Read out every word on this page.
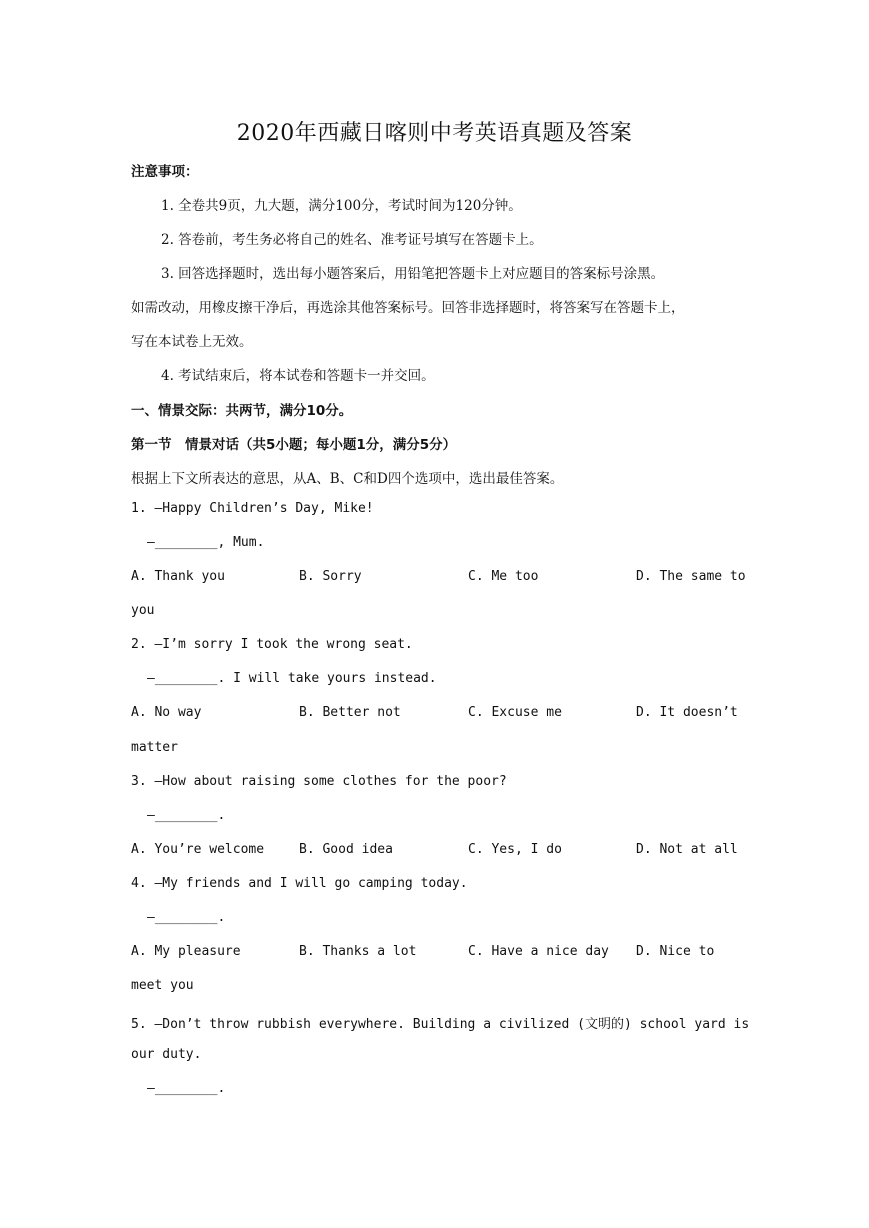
2020年西藏日喀则中考英语真题及答案
注意事项：
1. 全卷共9页，九大题，满分100分，考试时间为120分钟。
2. 答卷前，考生务必将自己的姓名、准考证号填写在答题卡上。
3. 回答选择题时，选出每小题答案后，用铅笔把答题卡上对应题目的答案标号涂黑。
如需改动，用橡皮擦干净后，再选涂其他答案标号。回答非选择题时，将答案写在答题卡上，
写在本试卷上无效。
4. 考试结束后，将本试卷和答题卡一并交回。
一、情景交际：共两节，满分10分。
第一节　情景对话（共5小题；每小题1分，满分5分）
根据上下文所表达的意思，从A、B、C和D四个选项中，选出最佳答案。
1. —Happy Children’s Day, Mike!
—________, Mum.
A. Thank you	B. Sorry	C. Me too	D. The same to
you
2. —I’m sorry I took the wrong seat.
—________. I will take yours instead.
A. No way	B. Better not	C. Excuse me	D. It doesn’t
matter
3. —How about raising some clothes for the poor?
—________.
A. You’re welcome	B. Good idea	C. Yes, I do	D. Not at all
4. —My friends and I will go camping today.
—________.
A. My pleasure	B. Thanks a lot	C. Have a nice day D. Nice to
meet you
5. —Don’t throw rubbish everywhere. Building a civilized (文明的) school yard is
our duty.
—________.
